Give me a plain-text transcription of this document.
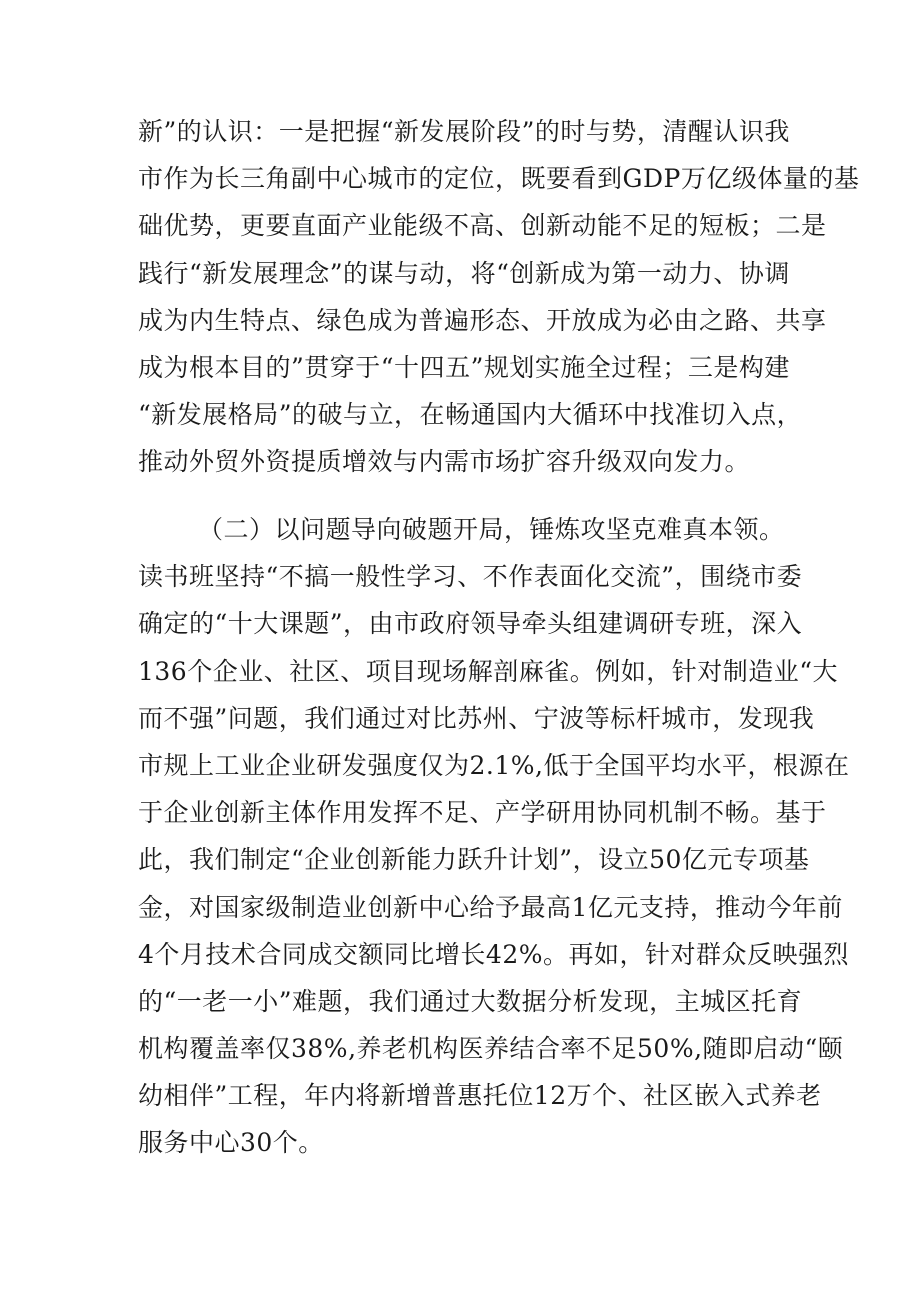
新”的认识：一是把握“新发展阶段”的时与势，清醒认识我
市作为长三角副中心城市的定位，既要看到GDP万亿级体量的基
础优势，更要直面产业能级不高、创新动能不足的短板；二是
践行“新发展理念”的谋与动，将“创新成为第一动力、协调
成为内生特点、绿色成为普遍形态、开放成为必由之路、共享
成为根本目的”贯穿于“十四五”规划实施全过程；三是构建
“新发展格局”的破与立，在畅通国内大循环中找准切入点，
推动外贸外资提质增效与内需市场扩容升级双向发力。
（二）以问题导向破题开局，锤炼攻坚克难真本领。
读书班坚持“不搞一般性学习、不作表面化交流”，围绕市委
确定的“十大课题”，由市政府领导牵头组建调研专班，深入
136个企业、社区、项目现场解剖麻雀。例如，针对制造业“大
而不强”问题，我们通过对比苏州、宁波等标杆城市，发现我
市规上工业企业研发强度仅为2.1%,低于全国平均水平，根源在
于企业创新主体作用发挥不足、产学研用协同机制不畅。基于
此，我们制定“企业创新能力跃升计划”，设立50亿元专项基
金，对国家级制造业创新中心给予最高1亿元支持，推动今年前
4个月技术合同成交额同比增长42%。再如，针对群众反映强烈
的“一老一小”难题，我们通过大数据分析发现，主城区托育
机构覆盖率仅38%,养老机构医养结合率不足50%,随即启动“颐
幼相伴”工程，年内将新增普惠托位12万个、社区嵌入式养老
服务中心30个。
